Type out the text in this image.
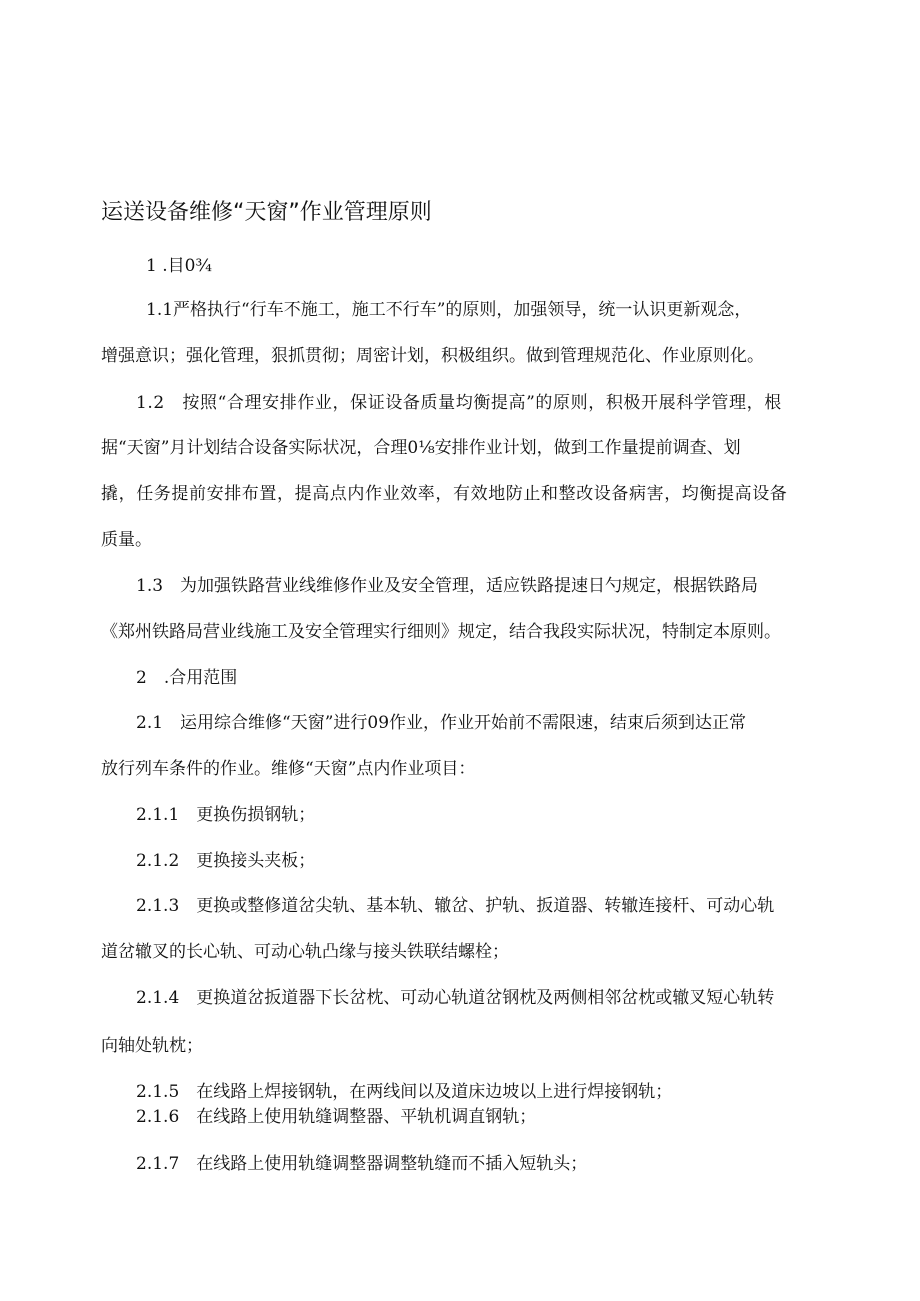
运送设备维修“天窗”作业管理原则
1 .目0¾
1.1严格执行“行车不施工，施工不行车”的原则，加强领导，统一认识更新观念，
增强意识；强化管理，狠抓贯彻；周密计划，积极组织。做到管理规范化、作业原则化。
1.2　按照“合理安排作业，保证设备质量均衡提高”的原则，积极开展科学管理，根
据“天窗”月计划结合设备实际状况，合理0⅛安排作业计划，做到工作量提前调查、划
撬，任务提前安排布置，提高点内作业效率，有效地防止和整改设备病害，均衡提高设备
质量。
1.3　为加强铁路营业线维修作业及安全管理，适应铁路提速日勺规定，根据铁路局
《郑州铁路局营业线施工及安全管理实行细则》规定，结合我段实际状况，特制定本原则。
2　.合用范围
2.1　运用综合维修“天窗”进行09作业，作业开始前不需限速，结束后须到达正常
放行列车条件的作业。维修“天窗”点内作业项目：
2.1.1　更换伤损钢轨；
2.1.2　更换接头夹板；
2.1.3　更换或整修道岔尖轨、基本轨、辙岔、护轨、扳道器、转辙连接杆、可动心轨
道岔辙叉的长心轨、可动心轨凸缘与接头铁联结螺栓；
2.1.4　更换道岔扳道器下长岔枕、可动心轨道岔钢枕及两侧相邻岔枕或辙叉短心轨转
向轴处轨枕；
2.1.5　在线路上焊接钢轨，在两线间以及道床边坡以上进行焊接钢轨；
2.1.6　在线路上使用轨缝调整器、平轨机调直钢轨；
2.1.7　在线路上使用轨缝调整器调整轨缝而不插入短轨头；
